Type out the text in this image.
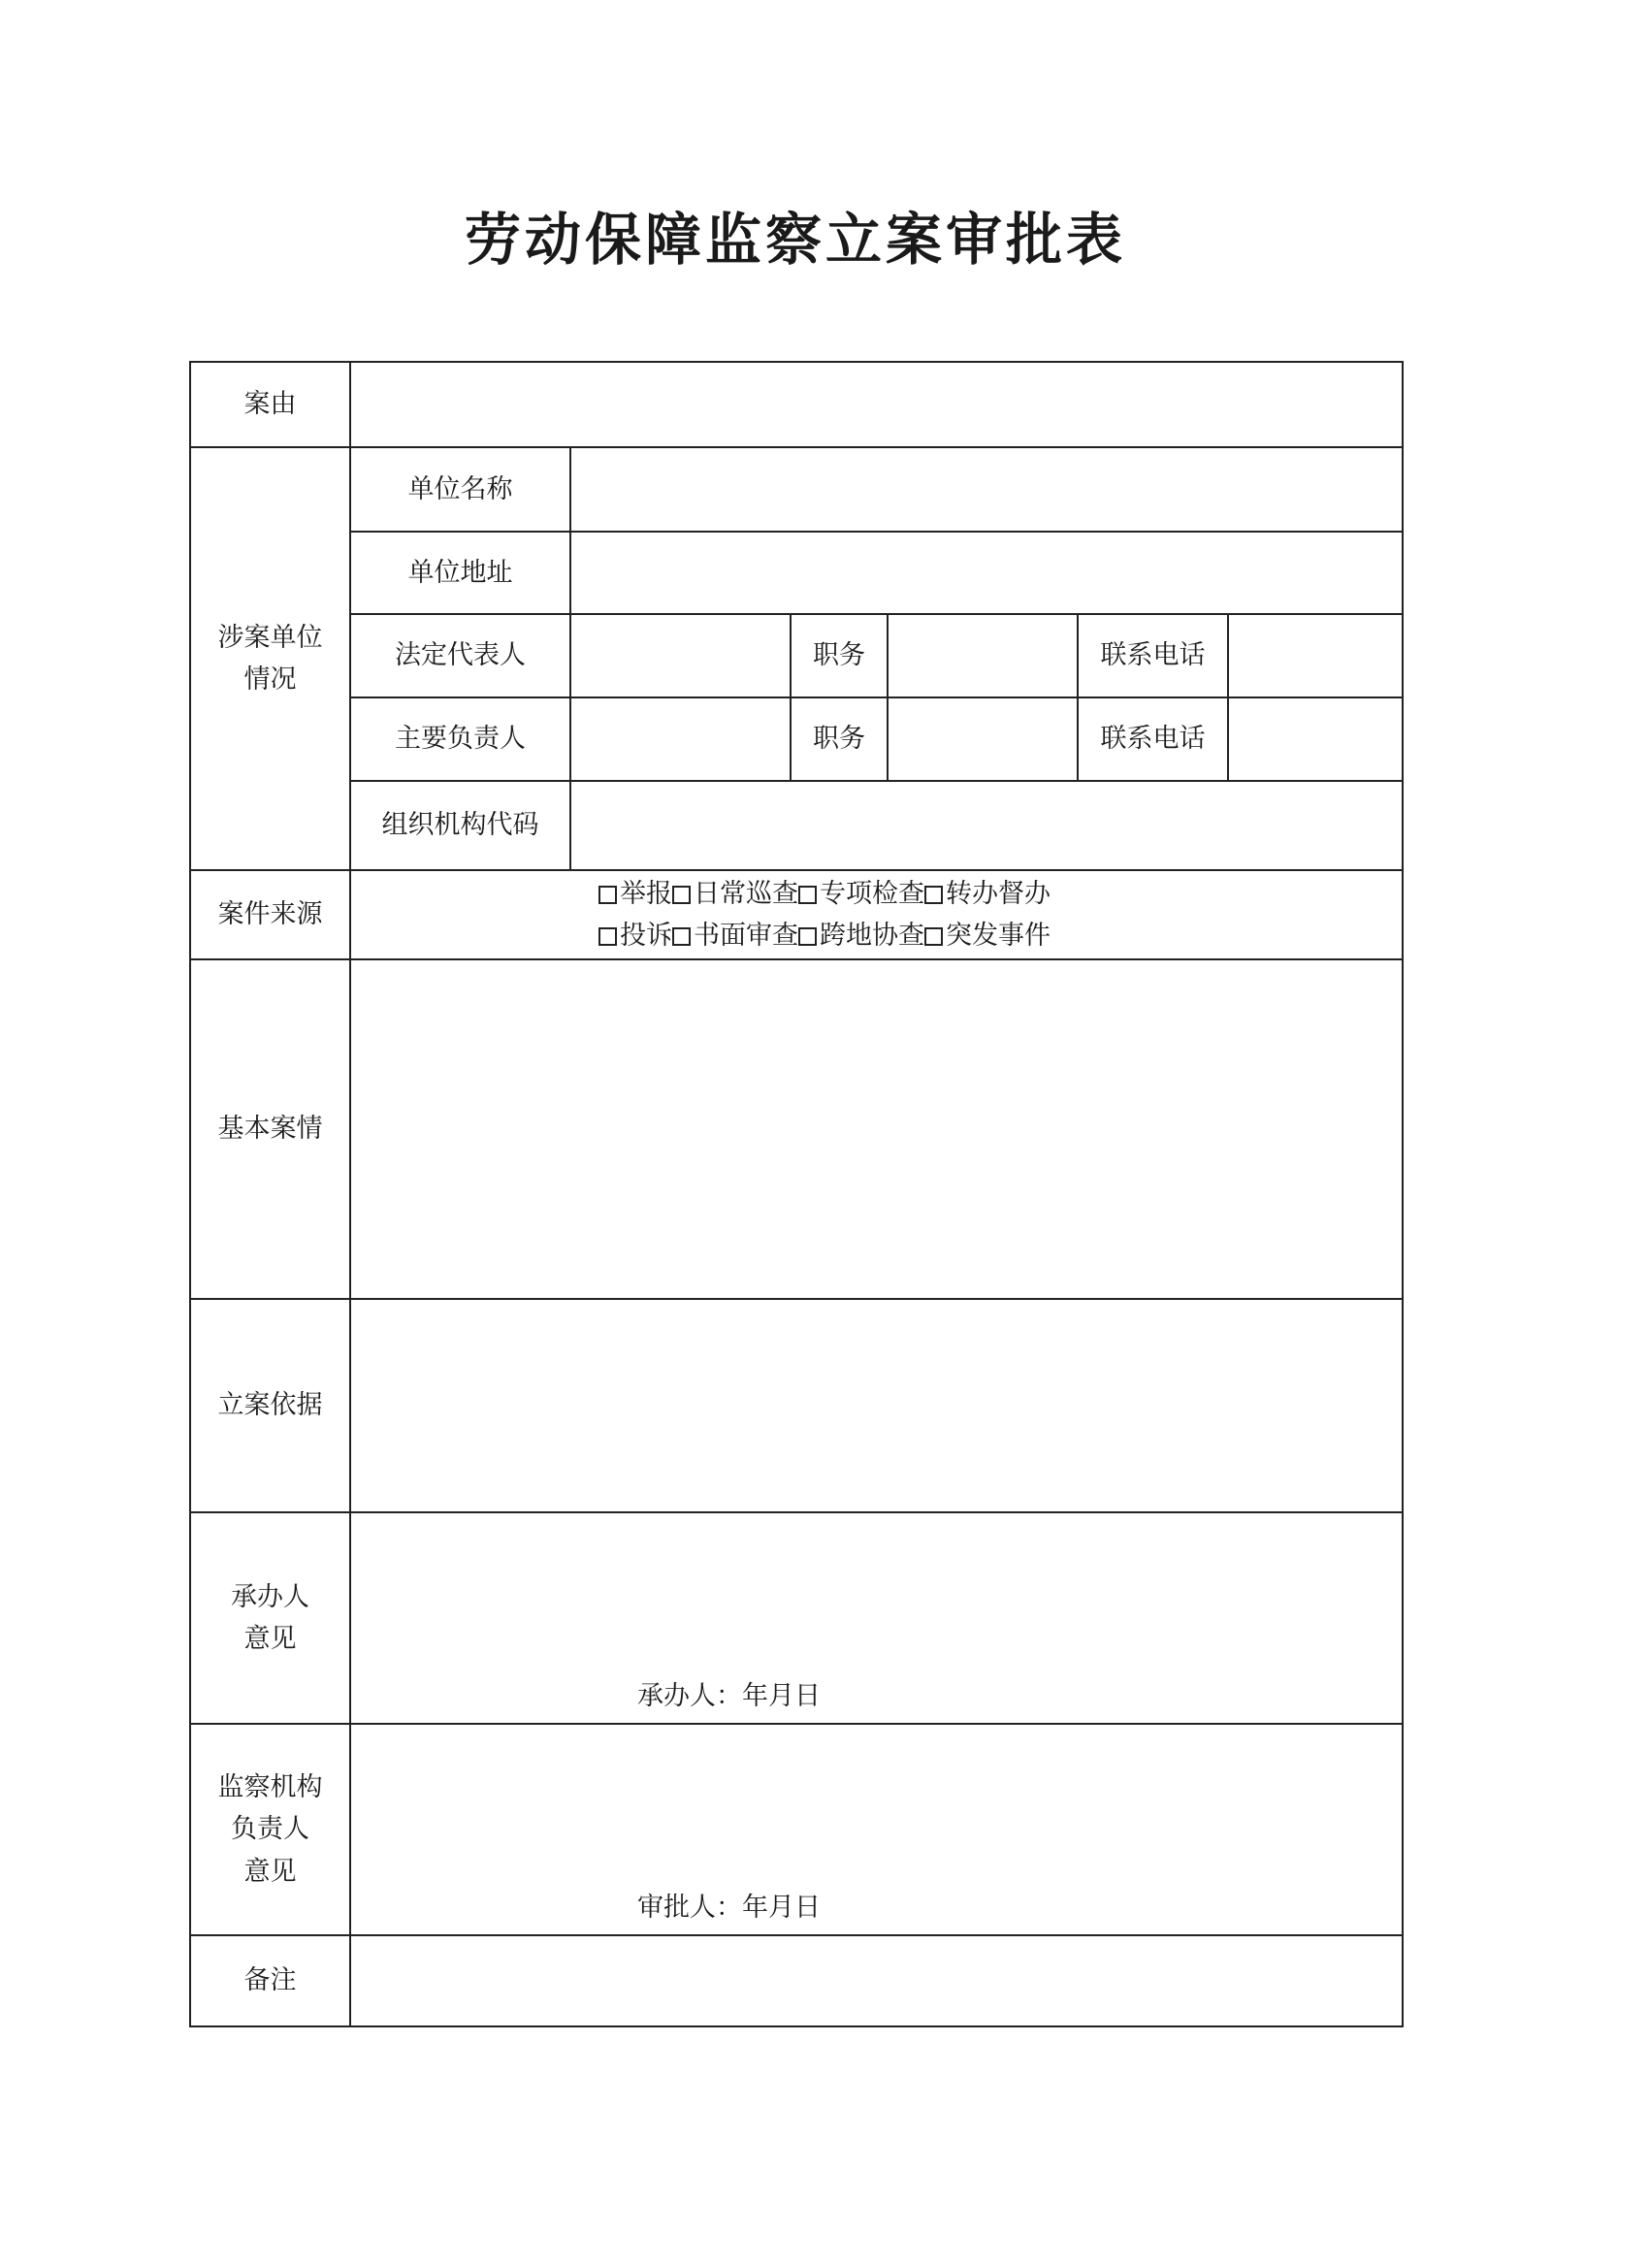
劳动保障监察立案审批表
案由						

涉案单位
情况	单位名称					

	单位地址					

	法定代表人		职务		联系电话	

	主要负责人		职务		联系电话	

	组织机构代码					

案件来源	举报 日常巡查 专项检查 转办督办
投诉 书面审查 跨地协查 突发事件					

基本案情						

立案依据						

承办人
意见	承办人：年月日					

监察机构
负责人
意见	审批人：年月日					

备注						
